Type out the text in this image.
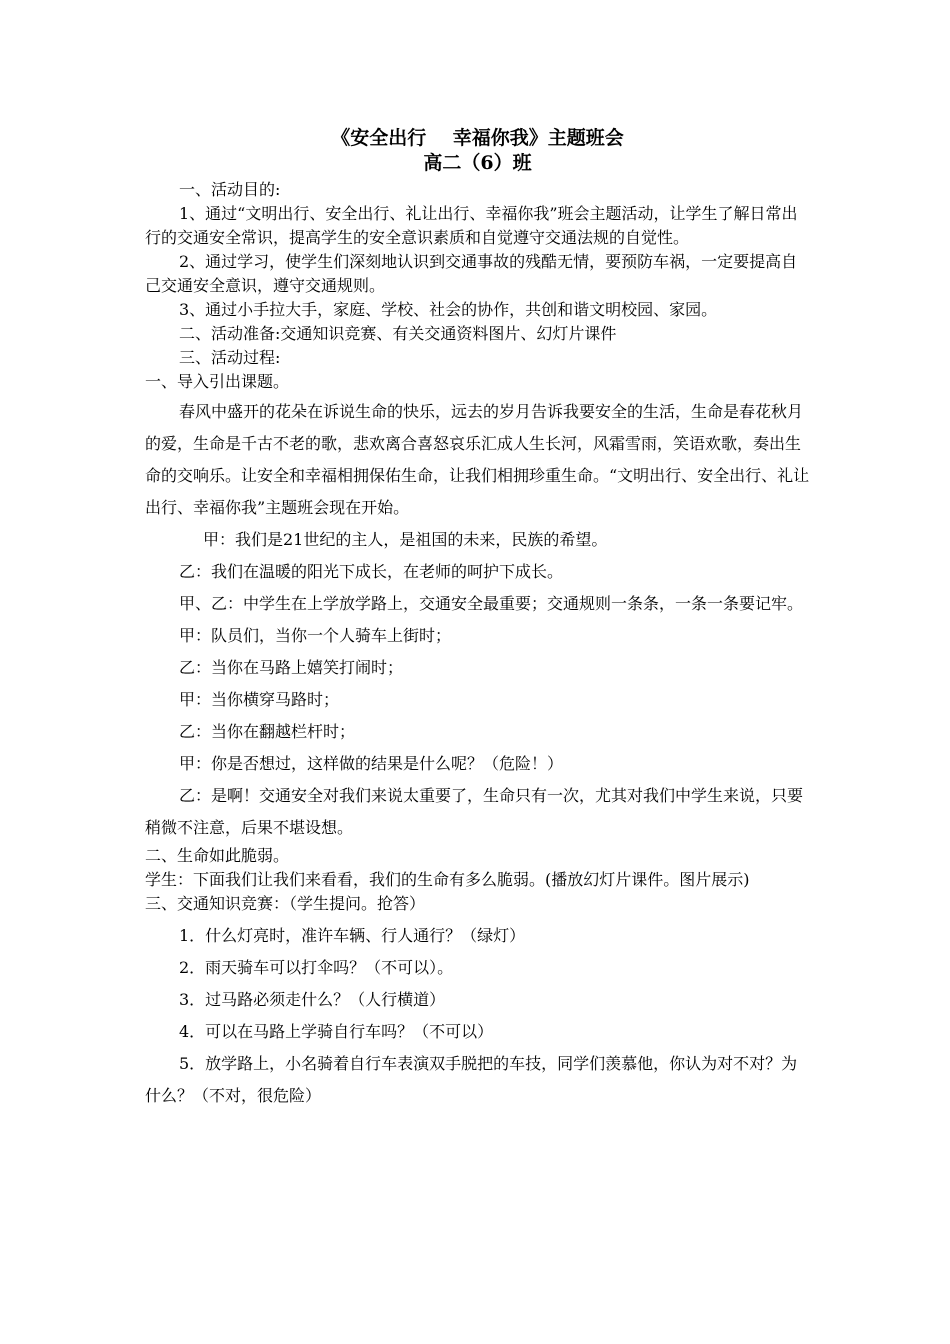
《安全出行    幸福你我》主题班会
高二（6）班

一、活动目的:

1、通过“文明出行、安全出行、礼让出行、幸福你我”班会主题活动，让学生了解日常出行的交通安全常识，提高学生的安全意识素质和自觉遵守交通法规的自觉性。

2、通过学习，使学生们深刻地认识到交通事故的残酷无情，要预防车祸，一定要提高自己交通安全意识，遵守交通规则。

3、通过小手拉大手，家庭、学校、社会的协作，共创和谐文明校园、家园。

二、活动准备:交通知识竞赛、有关交通资料图片、幻灯片课件

三、活动过程:

一、导入引出课题。

春风中盛开的花朵在诉说生命的快乐，远去的岁月告诉我要安全的生活，生命是春花秋月的爱，生命是千古不老的歌，悲欢离合喜怒哀乐汇成人生长河，风霜雪雨，笑语欢歌，奏出生命的交响乐。让安全和幸福相拥保佑生命，让我们相拥珍重生命。“文明出行、安全出行、礼让出行、幸福你我”主题班会现在开始。

甲：我们是21世纪的主人，是祖国的未来，民族的希望。

乙：我们在温暖的阳光下成长，在老师的呵护下成长。

甲、乙：中学生在上学放学路上，交通安全最重要；交通规则一条条，一条一条要记牢。

甲：队员们，当你一个人骑车上街时；

乙：当你在马路上嬉笑打闹时；

甲：当你横穿马路时；

乙：当你在翻越栏杆时；

甲：你是否想过，这样做的结果是什么呢？（危险！）

乙：是啊！交通安全对我们来说太重要了，生命只有一次，尤其对我们中学生来说，只要稍微不注意，后果不堪设想。

二、生命如此脆弱。

学生：下面我们让我们来看看，我们的生命有多么脆弱。(播放幻灯片课件。图片展示)

三、交通知识竞赛：（学生提问。抢答）

1．什么灯亮时，准许车辆、行人通行？（绿灯）

2．雨天骑车可以打伞吗？（不可以）。

3．过马路必须走什么？（人行横道）

4．可以在马路上学骑自行车吗？（不可以）

5．放学路上，小名骑着自行车表演双手脱把的车技，同学们羡慕他，你认为对不对？为什么？（不对，很危险）
